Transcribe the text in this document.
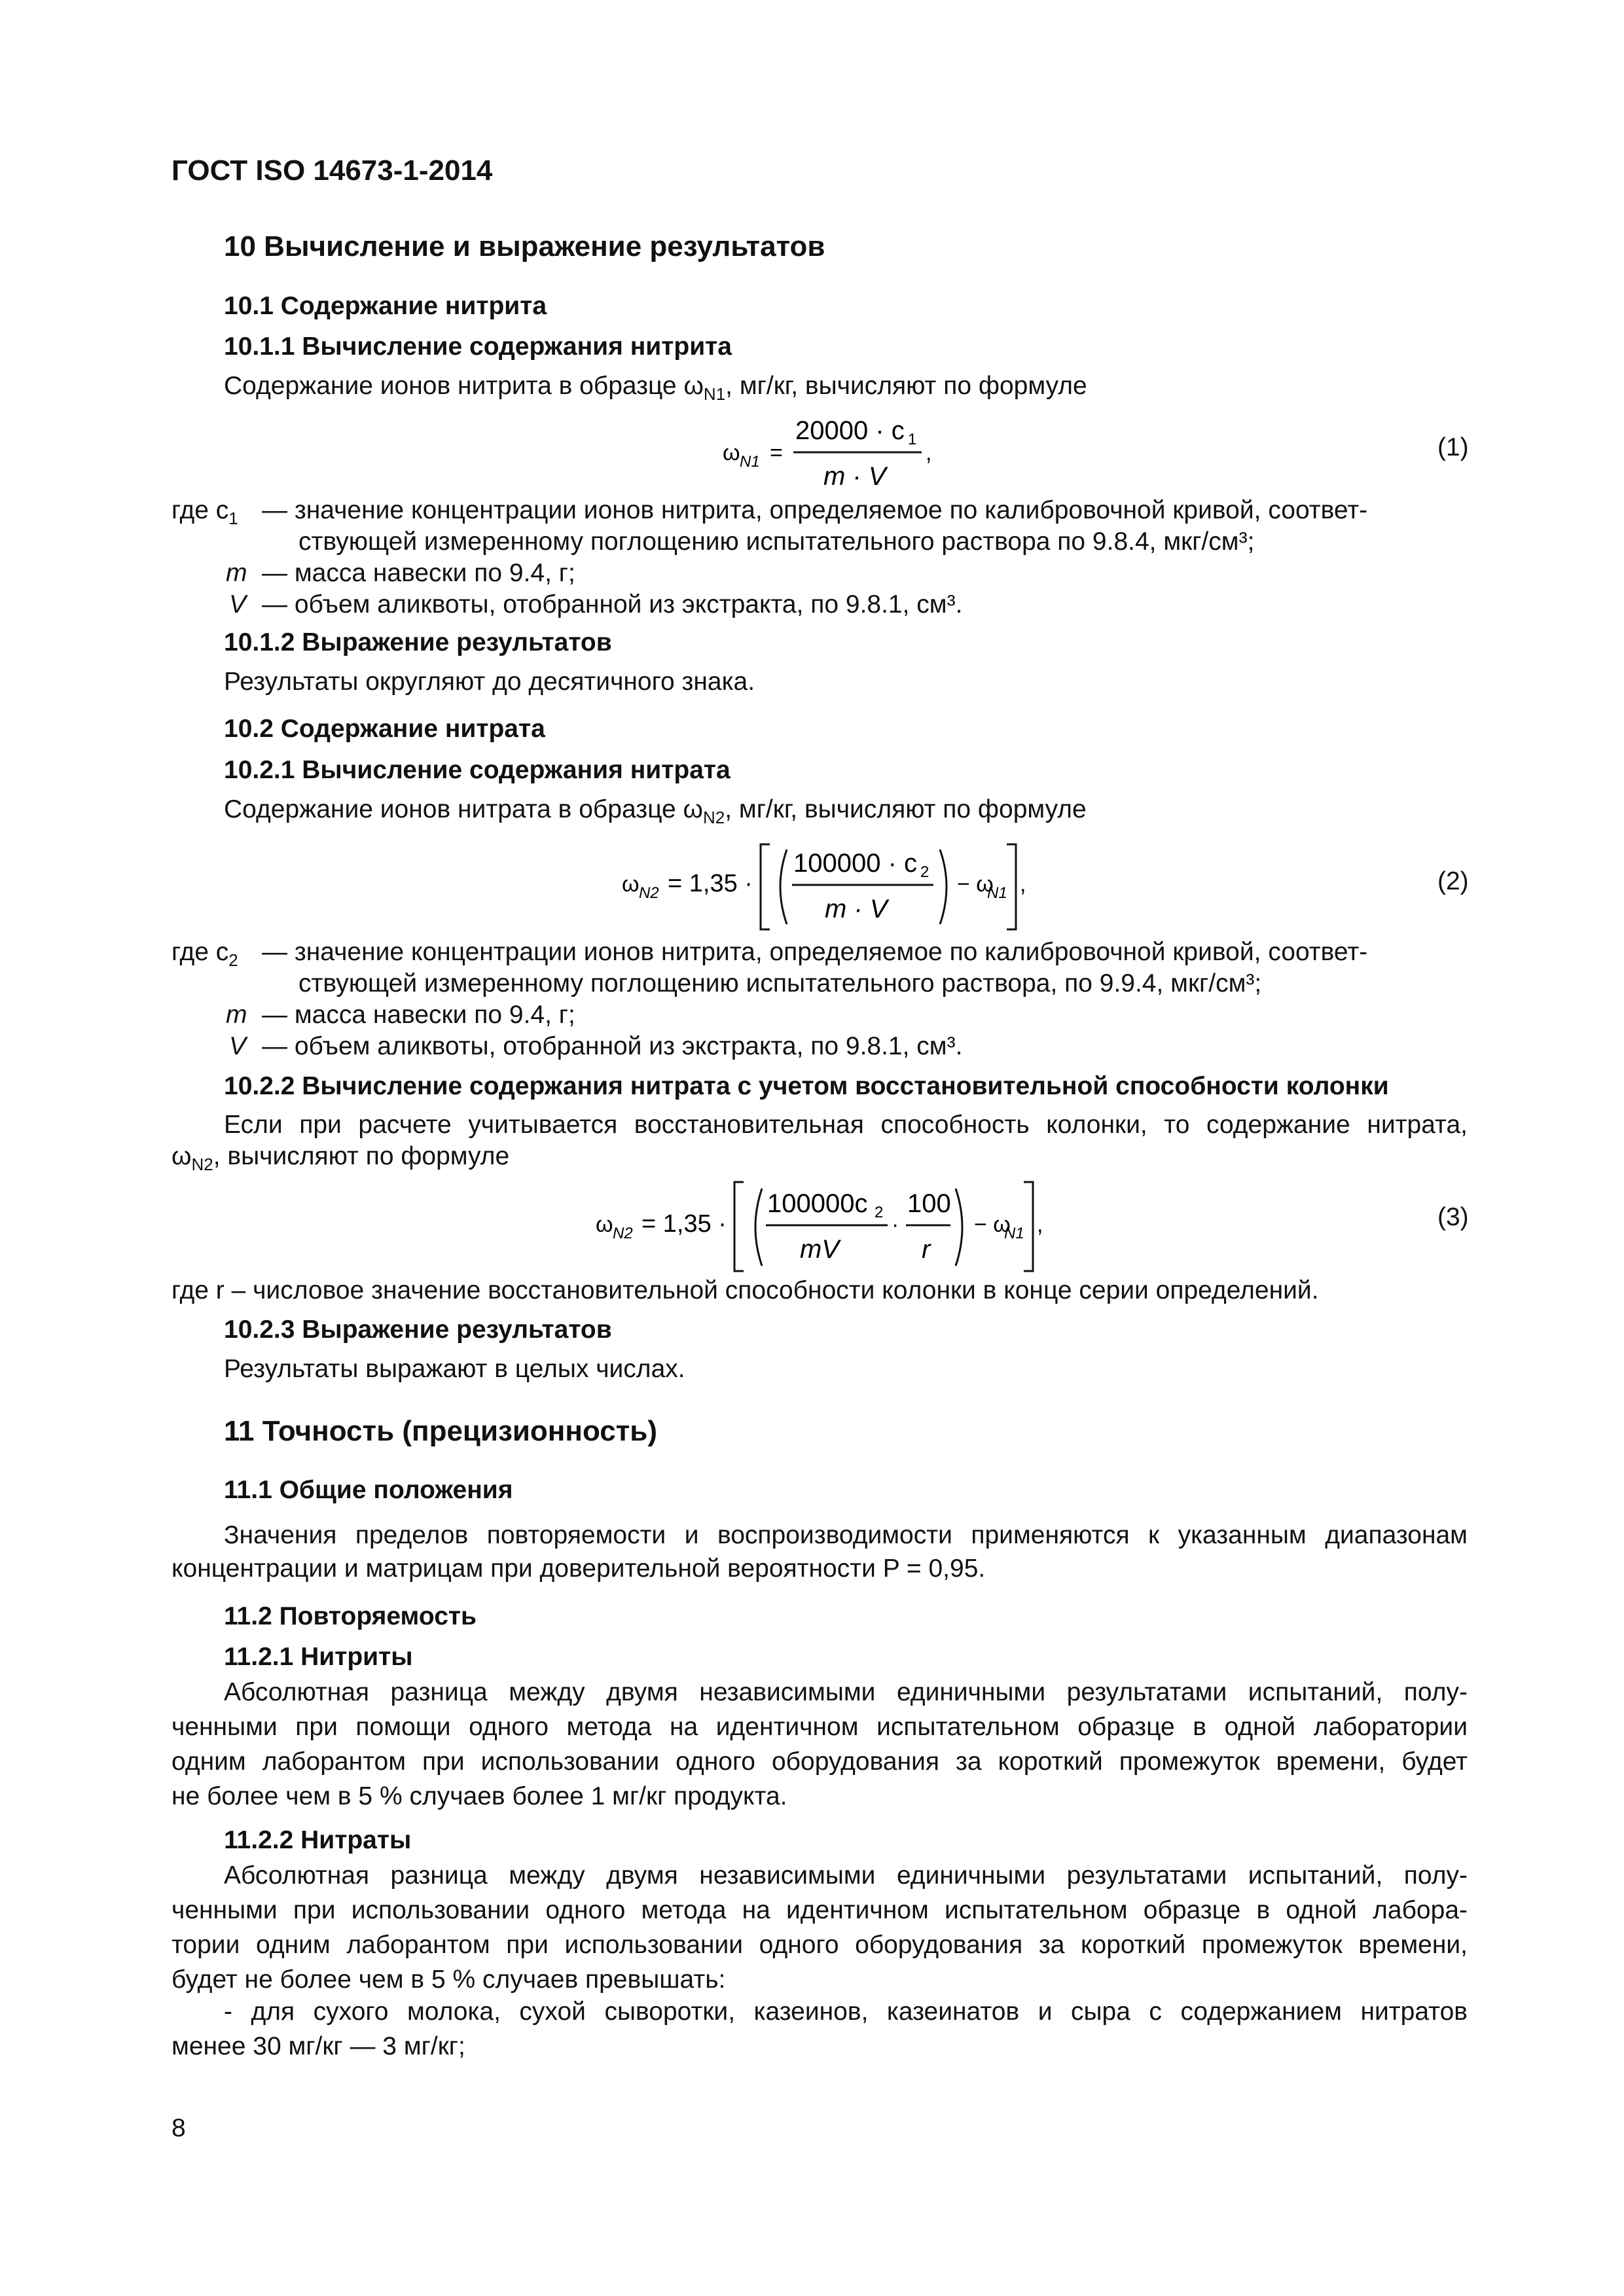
ГОСТ ISO 14673-1-2014
10 Вычисление и выражение результатов
10.1 Содержание нитрита
10.1.1 Вычисление содержания нитрита
Содержание ионов нитрита в образце $\omega_{N1}$, мг/кг, вычисляют по формуле
ω N1 =
20000 · c 1
m · V
,	(1)
где $c_1$ — значение концентрации ионов нитрита, определяемое по калибровочной кривой, соответ-
ствующей измеренному поглощению испытательного раствора по 9.8.4, мкг/см³;
m — масса навески по 9.4, г;
V — объем аликвоты, отобранной из экстракта, по 9.8.1, см³.
10.1.2 Выражение результатов
Результаты округляют до десятичного знака.
10.2 Содержание нитрата
10.2.1 Вычисление содержания нитрата
Содержание ионов нитрата в образце $\omega_{N2}$, мг/кг, вычисляют по формуле
ω N2 = 1,35 ·
100000 · c 2
m · V
− ω
N1 ,	(2)
где $c_2$ — значение концентрации ионов нитрита, определяемое по калибровочной кривой, соответ-
ствующей измеренному поглощению испытательного раствора, по 9.9.4, мкг/см³;
m — масса навески по 9.4, г;
V — объем аликвоты, отобранной из экстракта, по 9.8.1, см³.
10.2.2 Вычисление содержания нитрата с учетом восстановительной способности колонки
Если при расчете учитывается восстановительная способность колонки, то содержание нитрата,
$\omega_{N2}$, вычисляют по формуле
ω N2 = 1,35 ·
100000c 2
mV
·
100
r
− ω
N1 ,	(3)
где r – числовое значение восстановительной способности колонки в конце серии определений.
10.2.3 Выражение результатов
Результаты выражают в целых числах.
11 Точность (прецизионность)
11.1 Общие положения
Значения пределов повторяемости и воспроизводимости применяются к указанным диапазонам
концентрации и матрицам при доверительной вероятности P = 0,95.
11.2 Повторяемость
11.2.1 Нитриты
Абсолютная разница между двумя независимыми единичными результатами испытаний, полу-
ченными при помощи одного метода на идентичном испытательном образце в одной лаборатории
одним лаборантом при использовании одного оборудования за короткий промежуток времени, будет
не более чем в 5 % случаев более 1 мг/кг продукта.
11.2.2 Нитраты
Абсолютная разница между двумя независимыми единичными результатами испытаний, полу-
ченными при использовании одного метода на идентичном испытательном образце в одной лабора-
тории одним лаборантом при использовании одного оборудования за короткий промежуток времени,
будет не более чем в 5 % случаев превышать:
- для сухого молока, сухой сыворотки, казеинов, казеинатов и сыра с содержанием нитратов
менее 30 мг/кг — 3 мг/кг;
8
